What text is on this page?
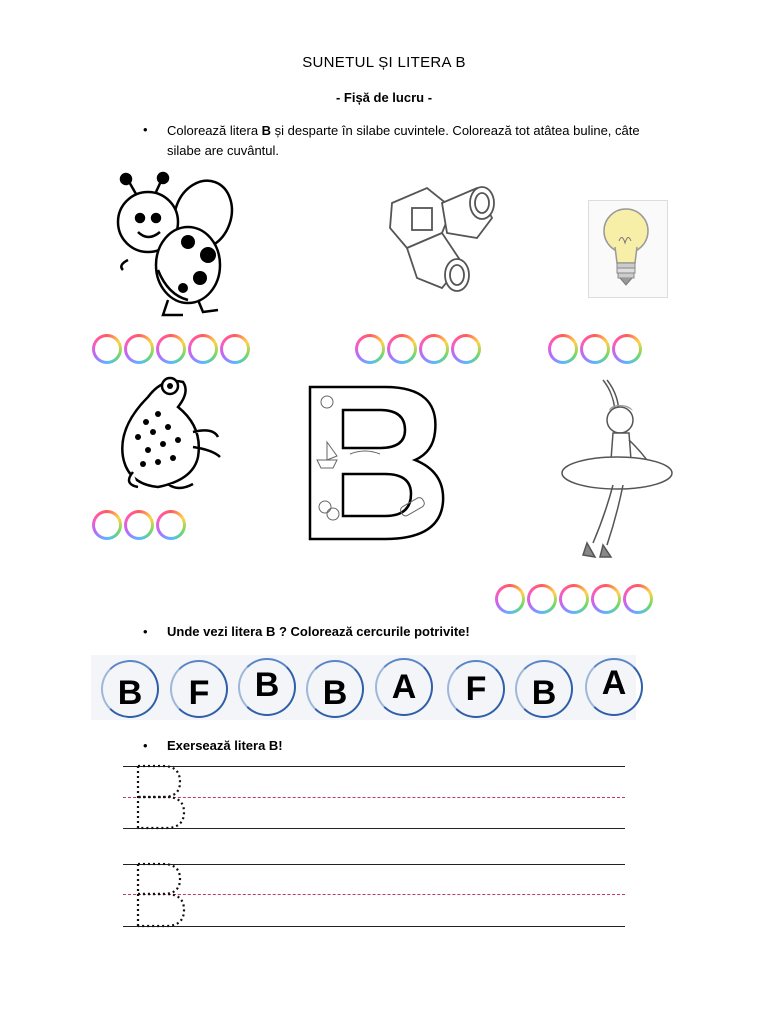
SUNETUL ȘI LITERA B
- Fișă de lucru -
• Colorează litera B și desparte în silabe cuvintele. Colorează tot atâtea buline, câte
silabe are cuvântul.
• Unde vezi litera B ? Colorează cercurile potrivite!
B F B B A F B A
• Exersează litera B!
